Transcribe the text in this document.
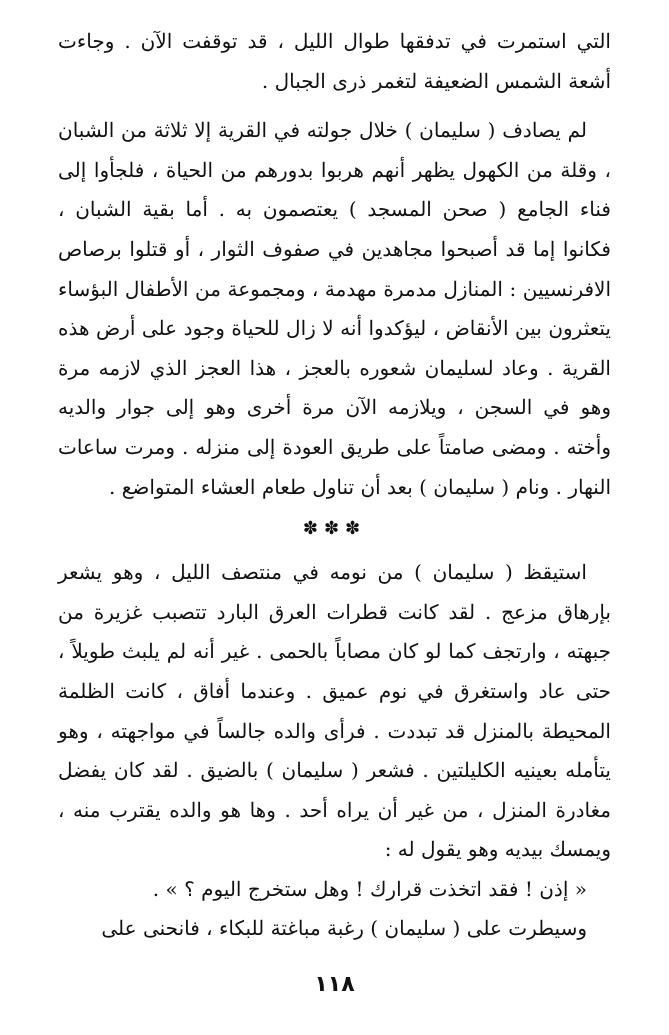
التي استمرت في تدفقها طوال الليل ، قد توقفت الآن . وجاءت أشعة الشمس الضعيفة لتغمر ذرى الجبال .

لم يصادف ( سليمان ) خلال جولته في القرية إلا ثلاثة من الشبان ، وقلة من الكهول يظهر أنهم هربوا بدورهم من الحياة ، فلجأوا إلى فناء الجامع ( صحن المسجد ) يعتصمون به . أما بقية الشبان ، فكانوا إما قد أصبحوا مجاهدين في صفوف الثوار ، أو قتلوا برصاص الافرنسيين : المنازل مدمرة مهدمة ، ومجموعة من الأطفال البؤساء يتعثرون بين الأنقاض ، ليؤكدوا أنه لا زال للحياة وجود على أرض هذه القرية . وعاد لسليمان شعوره بالعجز ، هذا العجز الذي لازمه مرة وهو في السجن ، ويلازمه الآن مرة أخرى وهو إلى جوار والديه وأخته . ومضى صامتاً على طريق العودة إلى منزله . ومرت ساعات النهار . ونام ( سليمان ) بعد أن تناول طعام العشاء المتواضع .

✽✽✽

استيقظ ( سليمان ) من نومه في منتصف الليل ، وهو يشعر بإرهاق مزعج . لقد كانت قطرات العرق البارد تتصبب غزيرة من جبهته ، وارتجف كما لو كان مصاباً بالحمى . غير أنه لم يلبث طويلاً ، حتى عاد واستغرق في نوم عميق . وعندما أفاق ، كانت الظلمة المحيطة بالمنزل قد تبددت . فرأى والده جالساً في مواجهته ، وهو يتأمله بعينيه الكليلتين . فشعر ( سليمان ) بالضيق . لقد كان يفضل مغادرة المنزل ، من غير أن يراه أحد . وها هو والده يقترب منه ، ويمسك بيديه وهو يقول له :

« إذن ! فقد اتخذت قرارك ! وهل ستخرج اليوم ؟ » .

وسيطرت على ( سليمان ) رغبة مباغتة للبكاء ، فانحنى على

١١٨
